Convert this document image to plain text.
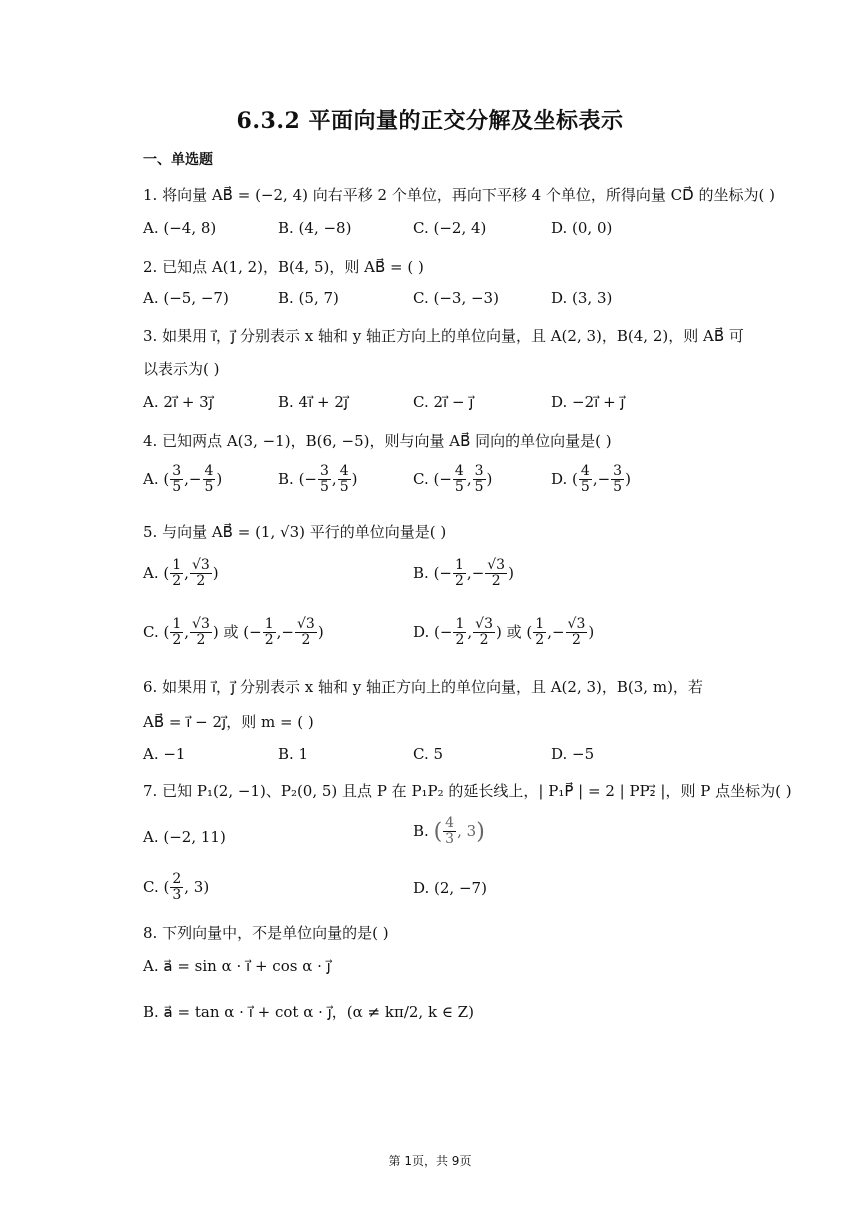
6.3.2 平面向量的正交分解及坐标表示
一、单选题
1. 将向量 AB⃗ = (−2, 4) 向右平移 2 个单位，再向下平移 4 个单位，所得向量 CD⃗ 的坐标为( )
A. (−4, 8)	B. (4, −8)	C. (−2, 4)	D. (0, 0)
2. 已知点 A(1, 2)，B(4, 5)，则 AB⃗ = ( )
A. (−5, −7)	B. (5, 7)	C. (−3, −3)	D. (3, 3)
3. 如果用 i⃗，j⃗ 分别表示 x 轴和 y 轴正方向上的单位向量，且 A(2, 3)，B(4, 2)，则 AB⃗ 可
以表示为( )
A. 2i⃗ + 3j⃗	B. 4i⃗ + 2j⃗	C. 2i⃗ − j⃗	D. −2i⃗ + j⃗
4. 已知两点 A(3, −1)，B(6, −5)，则与向量 AB⃗ 同向的单位向量是( )
A. ( $\frac{3}{5}$ ,− $\frac{4}{5}$ )	B. (− $\frac{3}{5}$ , $\frac{4}{5}$ )	C. (− $\frac{4}{5}$ , $\frac{3}{5}$ )	D. ( $\frac{4}{5}$ ,− $\frac{3}{5}$ )
5. 与向量 AB⃗ = (1, √3) 平行的单位向量是( )
A. ( $\frac{1}{2}$ , $\frac{√3}{2}$ )	B. (− $\frac{1}{2}$ ,− $\frac{√3}{2}$ )
C. ( $\frac{1}{2}$ , $\frac{√3}{2}$ ) 或 (− $\frac{1}{2}$ ,− $\frac{√3}{2}$ )	D. (− $\frac{1}{2}$ , $\frac{√3}{2}$ ) 或 ( $\frac{1}{2}$ ,− $\frac{√3}{2}$ )
6. 如果用 i⃗，j⃗ 分别表示 x 轴和 y 轴正方向上的单位向量，且 A(2, 3)，B(3, m)，若
AB⃗ = i⃗ − 2j⃗，则 m = ( )
A. −1	B. 1	C. 5	D. −5
7. 已知 P₁(2, −1)、P₂(0, 5) 且点 P 在 P₁P₂ 的延长线上，| P₁P⃗ | = 2 | PP₂⃗ |，则 P 点坐标为( )
A. (−2, 11)	B. ( $\frac{4}{3}$ , 3)
C. ( $\frac{2}{3}$ , 3)	D. (2, −7)
8. 下列向量中，不是单位向量的是( )
A. a⃗ = sin α · i⃗ + cos α · j⃗
B. a⃗ = tan α · i⃗ + cot α · j⃗，(α ≠ kπ/2, k ∈ Z)
第 1页，共 9页
